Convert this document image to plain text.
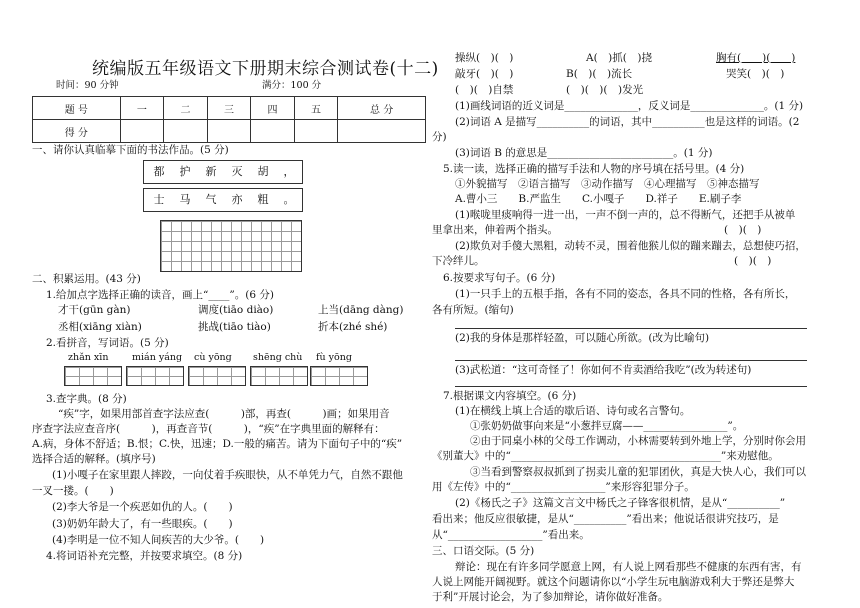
统编版五年级语文下册期末综合测试卷(十二)
时间：90 分钟	满分：100 分
题 号	一	二	三	四	五	总 分
得 分						
一、请你认真临摹下面的书法作品。(5 分)
都	护	新	灭	胡	，
士	马	气	亦	粗	。
二、积累运用。(43 分)
1.给加点字选择正确的读音，画上“____”。(6 分)
才干(gūn gàn)	调度(tiāo diào)	上当(dāng dàng)
丞相(xiāng xiàn)	挑战(tiāo tiào)	折本(zhé shé)
2.看拼音，写词语。(5 分)
zhǎn xīn mián yáng cù yōng shēng chù fù yōng
3.查字典。(8 分)
“疾”字，如果用部首查字法应查(　　　)部，再查(　　　)画；如果用音
序查字法应查音序(　　　)，再查音节(　　　)，“疾”在字典里面的解释有：
A.病，身体不舒适；B.恨；C.快，迅速；D.一般的痛苦。请为下面句子中的“疾”
选择合适的解释。(填序号)
(1)小嘎子在家里跟人摔跤，一向仗着手疾眼快，从不单凭力气，自然不跟他
一叉一搂。(　　)
(2)李大爷是一个疾恶如仇的人。(　　)
(3)奶奶年龄大了，有一些眼疾。(　　)
(4)李明是一位不知人间疾苦的大少爷。(　　)
4.将词语补充完整，并按要求填空。(8 分)
操纵(　)(　)	A(　)抓(　)挠	胸有(　　)(　　)
敲牙(　)(　)	B(　)(　)流长	哭笑(　)(　)
(　)(　)自禁	(　)(　)(　)发光
(1)画线词语的近义词是______________，反义词是______________。(1 分)
(2)词语 A 是描写__________的词语，其中__________也是这样的词语。(2
分)
(3)词语 B 的意思是________________________。(1 分)
5.读一读，选择正确的描写手法和人物的序号填在括号里。(4 分)
①外貌描写　②语言描写　③动作描写　④心理描写　⑤神态描写
A.曹小三　　B.严监生　　C.小嘎子　　D.祥子　　E.刷子李
(1)喉咙里痰响得一进一出，一声不倒一声的，总不得断气，还把手从被单
里拿出来，伸着两个指头。	(　)(　)
(2)欺负对手傻大黑粗，动转不灵，围着他猴儿似的蹦来蹦去，总想使巧招，
下冷绊儿。	(　)(　)
6.按要求写句子。(6 分)
(1)一只手上的五根手指，各有不同的姿态，各具不同的性格，各有所长，
各有所短。(缩句)
(2)我的身体是那样轻盈，可以随心所欲。(改为比喻句)
(3)武松道：“这可奇怪了！你如何不肯卖酒给我吃”(改为转述句)
7.根据课文内容填空。(6 分)
(1)在横线上填上合适的歇后语、诗句或名言警句。
①张奶奶做事向来是“小葱拌豆腐——________________”。
②由于同桌小林的父母工作调动，小林需要转到外地上学，分别时你会用
《别董大》中的“________________________________________”来劝慰他。
③当看到警察叔叔抓到了拐卖儿童的犯罪团伙，真是大快人心，我们可以
用《左传》中的“__________________”来形容犯罪分子。
(2)《杨氏之子》这篇文言文中杨氏之子锋客很机情，是从“__________”
看出来；他反应很敏捷，是从“__________”看出来；他说话很讲究技巧，是
从“__________________”看出来。
三、口语交际。(5 分)
辩论：现在有许多同学愿意上网，有人说上网看那些不健康的东西有害，有
人说上网能开阔视野。就这个问题请你以“小学生玩电脑游戏利大于弊还是弊大
于利”开展讨论会，为了参加辩论，请你做好准备。
